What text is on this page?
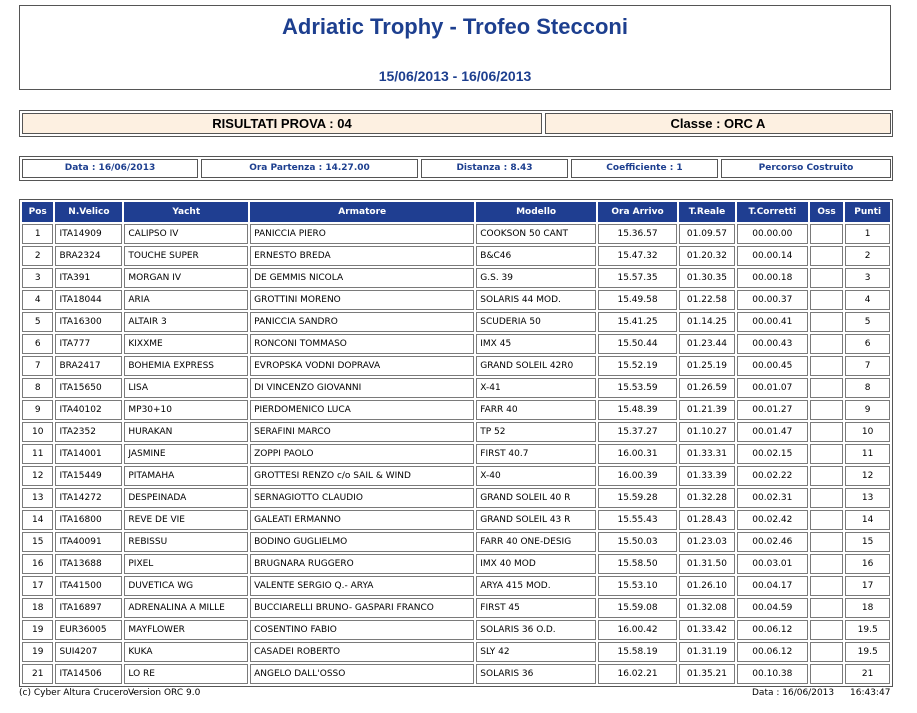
Adriatic Trophy - Trofeo Stecconi
15/06/2013 - 16/06/2013
RISULTATI PROVA : 04	Classe : ORC A
Data : 16/06/2013	Ora Partenza : 14.27.00	Distanza : 8.43	Coefficiente : 1	Percorso Costruito
Pos	N.Velico	Yacht	Armatore	Modello	Ora Arrivo	T.Reale	T.Corretti	Oss	Punti
1	ITA14909	CALIPSO IV	PANICCIA PIERO	COOKSON 50 CANT	15.36.57	01.09.57	00.00.00		1
2	BRA2324	TOUCHE SUPER	ERNESTO BREDA	B&C46	15.47.32	01.20.32	00.00.14		2
3	ITA391	MORGAN IV	DE GEMMIS NICOLA	G.S. 39	15.57.35	01.30.35	00.00.18		3
4	ITA18044	ARIA	GROTTINI MORENO	SOLARIS 44 MOD.	15.49.58	01.22.58	00.00.37		4
5	ITA16300	ALTAIR 3	PANICCIA SANDRO	SCUDERIA 50	15.41.25	01.14.25	00.00.41		5
6	ITA777	KIXXME	RONCONI TOMMASO	IMX 45	15.50.44	01.23.44	00.00.43		6
7	BRA2417	BOHEMIA EXPRESS	EVROPSKA VODNI DOPRAVA	GRAND SOLEIL 42R0	15.52.19	01.25.19	00.00.45		7
8	ITA15650	LISA	DI VINCENZO GIOVANNI	X-41	15.53.59	01.26.59	00.01.07		8
9	ITA40102	MP30+10	PIERDOMENICO LUCA	FARR 40	15.48.39	01.21.39	00.01.27		9
10	ITA2352	HURAKAN	SERAFINI MARCO	TP 52	15.37.27	01.10.27	00.01.47		10
11	ITA14001	JASMINE	ZOPPI PAOLO	FIRST 40.7	16.00.31	01.33.31	00.02.15		11
12	ITA15449	PITAMAHA	GROTTESI RENZO c/o SAIL & WIND	X-40	16.00.39	01.33.39	00.02.22		12
13	ITA14272	DESPEINADA	SERNAGIOTTO CLAUDIO	GRAND SOLEIL 40 R	15.59.28	01.32.28	00.02.31		13
14	ITA16800	REVE DE VIE	GALEATI ERMANNO	GRAND SOLEIL 43 R	15.55.43	01.28.43	00.02.42		14
15	ITA40091	REBISSU	BODINO GUGLIELMO	FARR 40 ONE-DESIG	15.50.03	01.23.03	00.02.46		15
16	ITA13688	PIXEL	BRUGNARA RUGGERO	IMX 40 MOD	15.58.50	01.31.50	00.03.01		16
17	ITA41500	DUVETICA WG	VALENTE SERGIO Q.- ARYA	ARYA 415 MOD.	15.53.10	01.26.10	00.04.17		17
18	ITA16897	ADRENALINA A MILLE	BUCCIARELLI BRUNO- GASPARI FRANCO	FIRST 45	15.59.08	01.32.08	00.04.59		18
19	EUR36005	MAYFLOWER	COSENTINO FABIO	SOLARIS 36 O.D.	16.00.42	01.33.42	00.06.12		19.5
19	SUI4207	KUKA	CASADEI ROBERTO	SLY 42	15.58.19	01.31.19	00.06.12		19.5
21	ITA14506	LO RE	ANGELO DALL'OSSO	SOLARIS 36	16.02.21	01.35.21	00.10.38		21
(c) Cyber Altura Crucero -
Version ORC 9.0	Data : 16/06/2013 16:43:47
